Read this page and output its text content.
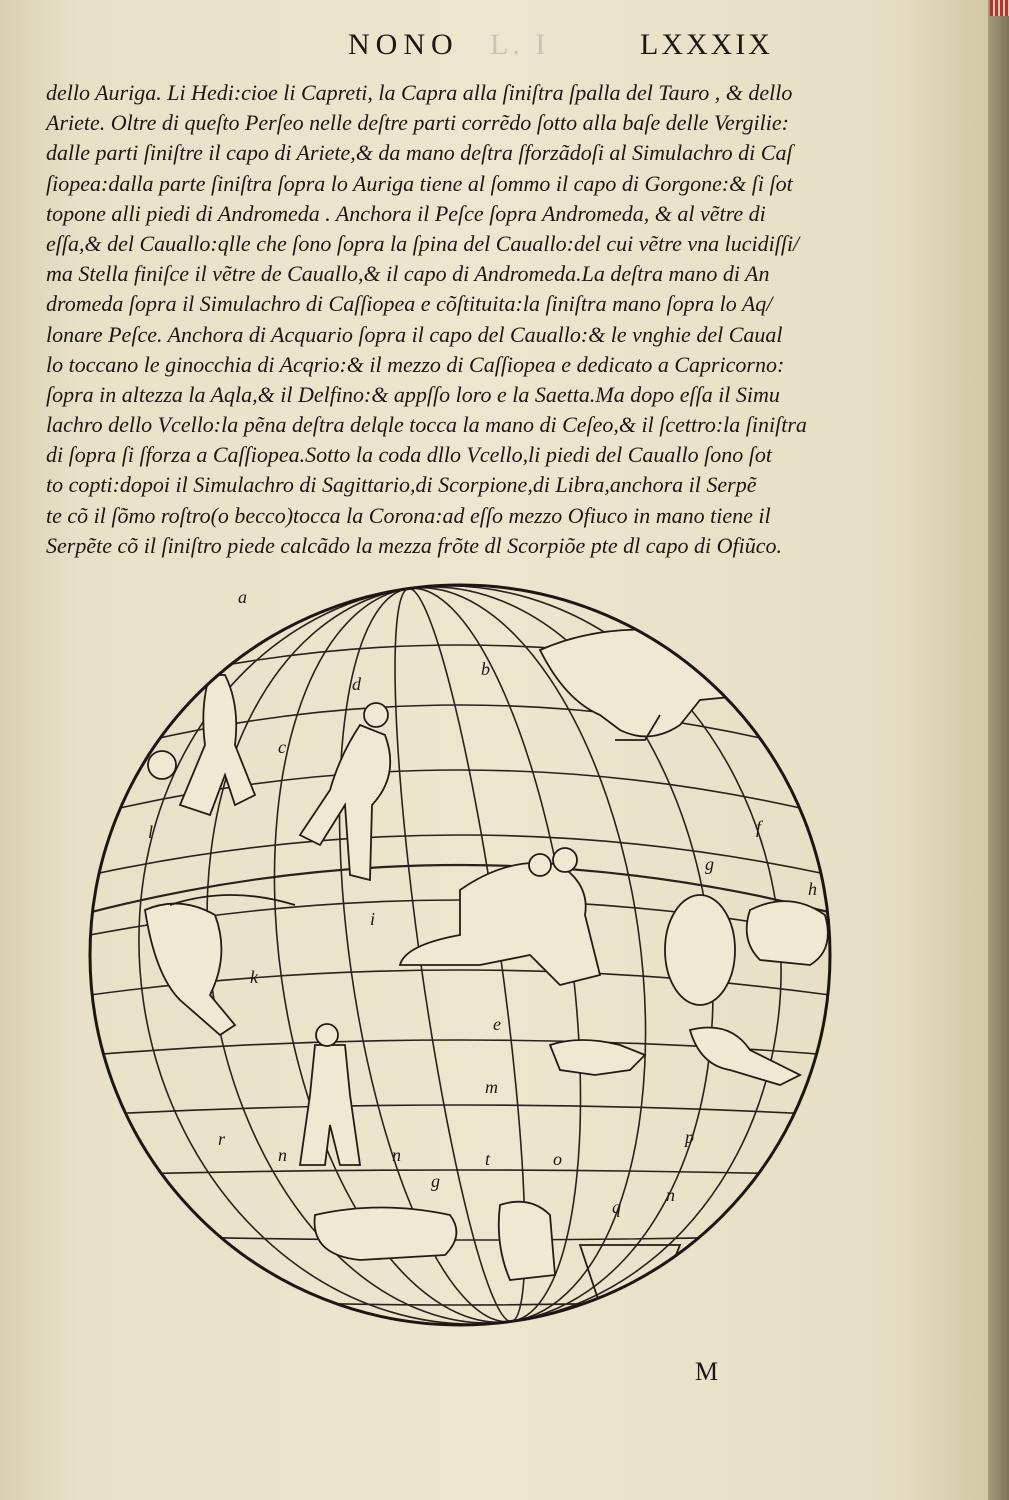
L. I
NONO	LXXXIX
dello Auriga. Li Hedi:cioe li Capreti, la Capra alla ſiniſtra ſpalla del Tauro , & dello
Ariete. Oltre di queſto Perſeo nelle deſtre parti corrẽdo ſotto alla baſe delle Vergilie:
dalle parti ſiniſtre il capo di Ariete,& da mano deſtra ſforzãdoſi al Simulachro di Caſ
ſiopea:dalla parte ſiniſtra ſopra lo Auriga tiene al ſommo il capo di Gorgone:& ſi ſot
topone alli piedi di Andromeda . Anchora il Peſce ſopra Andromeda, & al vẽtre di
eſſa,& del Cauallo:qlle che ſono ſopra la ſpina del Cauallo:del cui vẽtre vna lucidiſſi/
ma Stella finiſce il vẽtre de Cauallo,& il capo di Andromeda.La deſtra mano di An
dromeda ſopra il Simulachro di Caſſiopea e cõſtituita:la ſiniſtra mano ſopra lo Aq/
lonare Peſce. Anchora di Acquario ſopra il capo del Cauallo:& le vnghie del Caual
lo toccano le ginocchia di Acqrio:& il mezzo di Caſſiopea e dedicato a Capricorno:
ſopra in altezza la Aqla,& il Delfino:& appſſo loro e la Saetta.Ma dopo eſſa il Simu
lachro dello Vcello:la pẽna deſtra delqle tocca la mano di Ceſeo,& il ſcettro:la ſiniſtra
di ſopra ſi ſforza a Caſſiopea.Sotto la coda dllo Vcello,li piedi del Cauallo ſono ſot
to copti:dopoi il Simulachro di Sagittario,di Scorpione,di Libra,anchora il Serpẽ
te cõ il ſõmo roſtro(o becco)tocca la Corona:ad eſſo mezzo Ofiuco in mano tiene il
Serpẽte cõ il ſiniſtro piede calcãdo la mezza frõte dl Scorpiõe pte dl capo di Ofiũco.
a
b
c
d
f
g
h
i
k
l
e
m
n
p
r
n
g
t	o
q
n
M
